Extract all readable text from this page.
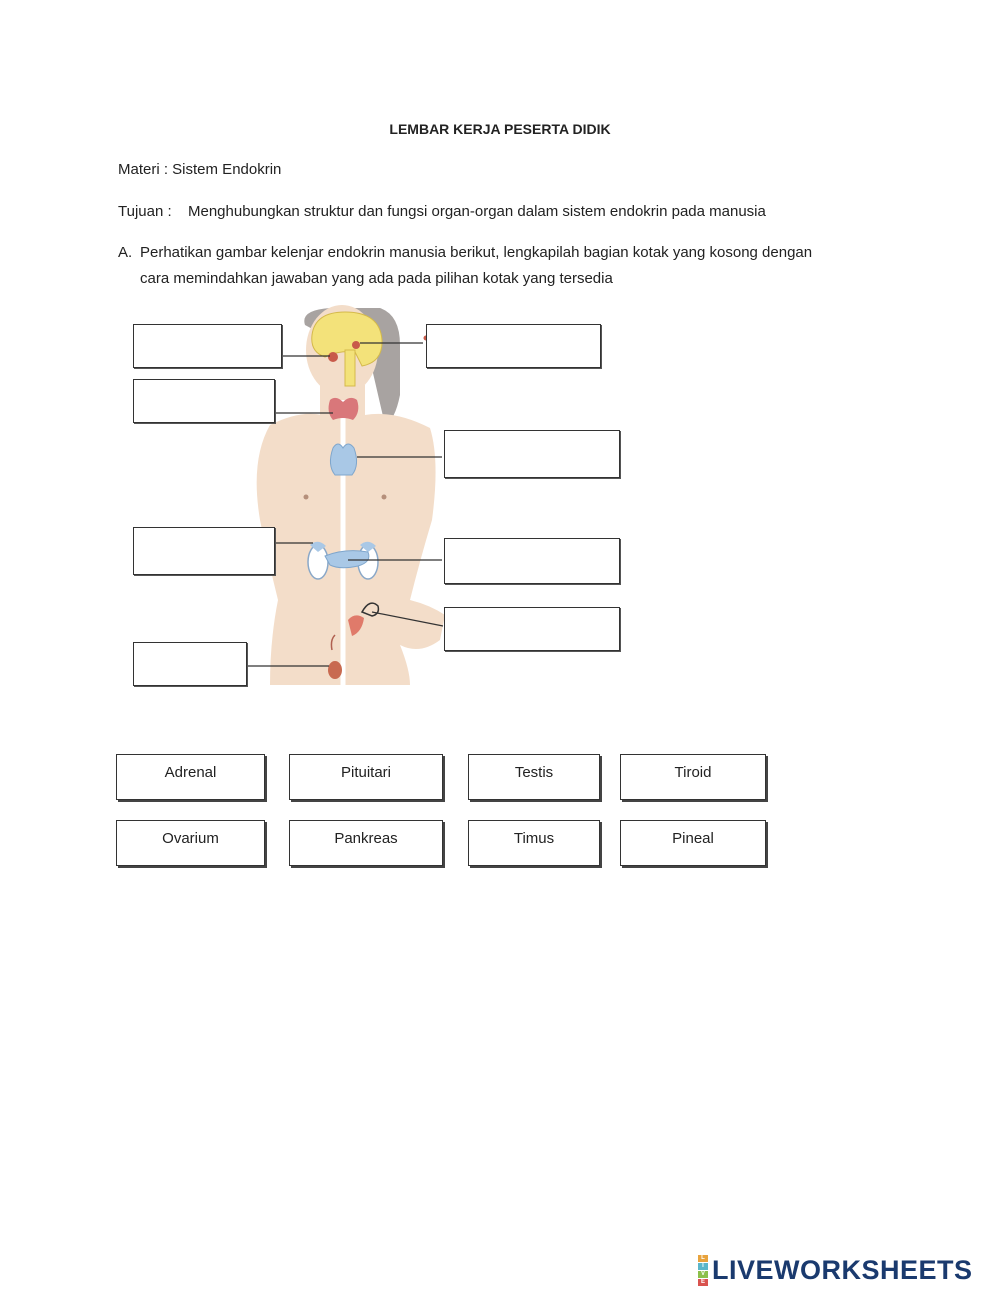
LEMBAR KERJA PESERTA DIDIK
Materi : Sistem Endokrin
Tujuan : Menghubungkan struktur dan fungsi organ-organ dalam sistem endokrin pada manusia
A. Perhatikan gambar kelenjar endokrin manusia berikut, lengkapilah bagian kotak yang kosong dengan
cara memindahkan jawaban yang ada pada pilihan kotak yang tersedia
Adrenal	Pituitari	Testis	Tiroid
Ovarium	Pankreas	Timus	Pineal
L
I
V
E LIVEWORKSHEETS
